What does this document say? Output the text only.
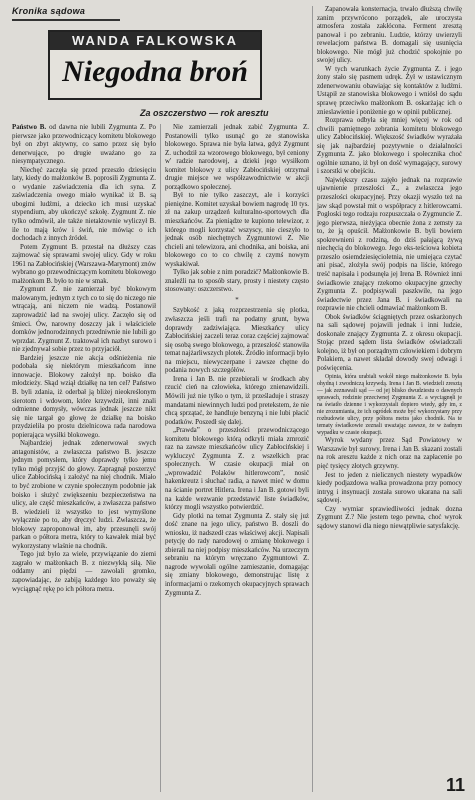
Kronika sądowa
WANDA FALKOWSKA
Niegodna broń
Za oszczerstwo — rok aresztu

Państwo B. od dawna nie lubili Zygmunta Z. Po pierwsze jako przewodniczący komitetu blokowego był on zbyt aktywny, co samo przez się było denerwujące, po drugie uważano go za niesympatycznego.

Niechęć zaczęła się przed przeszło dziesięciu laty, kiedy do małżonków B. poprosili Zygmunta Z. o wydanie zaświadczenia dla ich syna. Z zaświadczenia owego miało wynikać iż B. są ubogimi ludźmi, a dziecko ich musi uzyskać stypendium, aby ukończyć szkołę. Zygmunt Z. nie tylko odmówił, ale także nietaktownie wyliczył B. ile to mają krów i świń, nie mówiąc o ich dochodach z innych źródeł.

Potem Zygmunt B. przestał na dłuższy czas zajmować się sprawami swojej ulicy. Gdy w roku 1961 na Zabłocińskiej (Warszawa-Marymont) znów wybrano go przewodniczącym komitetu blokowego małżonkom B. było to nie w smak.

Zygmunt Z. nie zamierzał być blokowym malowanym, jednym z tych co to się do niczego nie wtrącają, ani niczem nie wadzą. Postanowił zaprowadzić ład na swojej ulicy. Zaczęło się od śmieci. Ów, narowny doszczy jak i właściciele domków jednorodzinnych przedniwnie nie lubili go wprzdat. Zygmunt Z. traktował ich nazbyt surowo i nie zjednywał sobie przez to przyjaciół.

Bardziej jeszcze nie akcja odśnieżenia nie podobała się niektórym mieszkańcom inne innowacje. Blokowy założył np. boisko dla młodzieży. Skąd wziął działkę na ten cel? Państwo B. byli zdania, iż oderbał ją bliżej nieokreślonym sierotom i wdowom, które krzywdził, inni znali odmienne domysły, wówczas jednak jeszcze nikt się nie targał go głowę że działkę na boisko przydzieliła po prostu dzielnicowa rada narodowa popierająca wysiłki blokowego.

Najbardziej jednak zdenerwował swych antagonistów, a zwłaszcza państwo B. jeszcze jednym pomysłem, który doprawdy tylko jemu tylko mógł przyjść do głowy. Zapragnął poszerzyć ulice Zabłocińską i założyć na niej chodnik. Miało to być zrobione w czynie społecznym podobnie jak boisko i służyć zwiększeniu bezpieczeństwa na ulicy, ale część mieszkańców, a zwłaszcza państwo B. wiedzieli iż wszystko to jest wymyślone wyłącznie po to, aby dręczyć ludzi. Zwłaszcza, że blokowy zaproponował im, aby przesunęli swój parkan o półtora metra, który to kawałek miał być wykorzystany wlaśnie na chodnik.

Tego już było za wiele, przywiązanie do ziemi zagrało w małżonkach B. z niezwykłą siłą. Nie oddamy ani piędzi — zawołali gromko, zapowiadając, że zabiją każdego kto poważy się wyciągnąć rękę po ich półtora metra.

Nie zamierzali jednak zabić Zygmunta Z. Postanowili tylko usunąć go ze stanowiska blokowego. Sprawa nie była łatwa, gdyż Zygmunt Z. uchodził za wzorowego blokowego, był ceniony w' radzie narodowej, a dzieki jego wysiłkom komitet blokowy z ulicy Zabłocińskiej otrzymał drugie miejsce we współzawodnictwie w akcji porządkowo społecznej.

Był to nie tylko zaszczyt, ale i korzyści pieniężne. Komitet uzyskał bowiem nagrodę 10 tys. zł na zakup urządzeń kulturalno-sportowych dla mieszkańców. Za pieniądze te kupiono telewizor, z którego mogli korzystać wszyscy, nie cieszyło to jednak osób niechętnych Zygmuntowi Z. Nie chcieli ani telewizora, ani chodnika, ani boiska, ani blokowego co to co chwilę z czymś nowym wyskakiwał.

Tylko jak sobie z nim poradzić? Małżonkowie B. znaleźli na to sposób stary, prosty i niestety często stosowany: oszczerstwo.

*

Szybkość z jaką rozprzestrzenia się plotka, zwłaszcza jeśli trafi na podatny grunt, bywa doprawdy zadziwiająca. Mieszkańcy ulicy Zabłocińskiej zaczeli teraz coraz częściej zajmować się osobą swego blokowego, a przeszłość stanowiła temat najżarliwszych plotek. Źródło informacji było na miejscu, niewyczerpane i zawsze chętne do podania nowych szczegółów.

Irena i Jan B. nie przebierali w środkach aby rzucić cień na człowieka, którego znienawidzili. Mówili już nie tylko o tym, iż prześladuje i straszy mandatami niewinnych ludzi pod pretekstem, że nie chcą sprzątać, że handluje benzyną i nie lubi płacić podatków. Poszedł się dalej.

„Prawda” o przeszłości przewodniczącego komitetu blokowego którą odkryli miała zmrozić raz na zawsze mieszkańców ulicy Zabłocińskiej i wykluczyć Zygmunta Z. z wszelkich prac społecznych. W czasie okupacji miał on „wprowadzić Polaków hitlerowcom”, nosić hakenkreutz i słuchać radia, a nawet mieć w domu na ścianie portret Hitlera. Irena i Jan B. gotowi byli na każde wezwanie przedstawić liste świadków, którzy mogli wszystko potwierdzić.

Gdy plotki na temat Zygmunta Z. stały się już dość znane na jego ulicy, państwo B. doszli do wniosku, iż nadszedł czas właściwej akcji. Napisali petycję do rady narodowej o zmianę blokowego i zbierali na niej podpisy mieszkańców. Na urzeczym sebraniu na którym wręczano Zygmuntowi Z. nagrode wywołali ogólne zamieszanie, domagając się zmiany blokowego, demonstrując listę z informacjami o rzekomych okupacyjnych sprawach Zygmunta Z.

Zapanowała konsternacja, trwało dłuższą chwilę zanim przywrócono porządek, ale uroczysta atmosfera została zakłócona. Ferment zresztą panował i po zebraniu. Ludzie, którzy uwierzyli rewelacjom państwa B. domagali się usunięcia blokowego. Nie mógł już chodzić spokojnie po swojej ulicy.

W tych warunkach życie Zygmunta Z. i jego żony stało się pasmem udręk. Żył w ustawicznym zdenerwowaniu obawiając się kontaktów z ludźmi. Ustąpił ze stanowiska blokowego i wniósł do sądu sprawę przeciwko małżonkom B. oskarżając ich o znieslawienie i poniżenie go w opinii publicznej.

Rozprawa odbyła się mniej więcej w rok od chwili pamiętnego zebrania komitetu blokowego ulicy Zabłocińskiej. Większość świadków wyrażała się jak najbardziej pozytywnie o działalności Zygmunta Z. jako blokowego i społecznika choć ogólnie uznano, iż był on dość wymagający, surowy i szorstki w obejściu.

Największy czasu zajęło jednak na rozprawie ujawnienie przeszłości Z., a zwłaszcza jego przeszłości okupacyjnej. Przy okazji wyszło też na jaw skąd powstał mit o współpracy z hitlerowcami. Pogłoski tego rodzaju rozpuszczała o Zygmuncie Z. jego pierwsza, nieżyjąca obecnie żona z zemsty za to, że ją opuścił. Małżonkowie B. byli bowiem spokrewnieni z rodziną, do dziś pałającą żywą niechęcią do blokowego. Jego eks-teściowa kobieta przeszło osiemdziesięcioletnia, nie umiejąca czytać ani pisać, złożyła swój podpis na liście, którego treść napisała i podsunęła jej Irena B. Również inni świadkowie znający rzekomo okupacyjne grzechy Zygmunta Z. podpisywali paszkwile, na jego świadectwie przez Jana B. i świadkowali na rozprawie nie chcieli odmawiać małżonkom B.

Obok świadków ściągniętych przez oskarżonych na sali sądowej pojawili jednak i inni ludzie, doskonale znający Zygmunta Z. z okresu okupacji. Stojąc przed sądem lista świadków oświadczali kolejno, iż był on porządnym człowiekiem i dobrym Polakiem, a nawet składał dowody swej odwagi i poświęcenia.

Opinia, która urabiali wokół niego małżonkowie B. była ohydną i zwodniczą krzywdą. Irena i Jan B. wiedzieli zresztą — jak zeznawali sąd — od jej blisko dwudziestu o dawnych sprawach, rodzinie przeciwnej Zygmunta Z. a wyciągnęli je na światło dzienne i wykorzystali dopiero wtedy, gdy im, z nie zrozumiania, że ich ogródek może być wykorzystany przy rozbudowie ulicy, przy półtora metra jako chodnik. Na te tematy świadkowie zeznali uważając zawsze, że w żadnym wypadku w czasie okupacji.

Wyrok wydany przez Sąd Powiatowy w Warszawie był surowy. Irena i Jan B. skazani zostali na rok aresztu każde z nich oraz na zapłacenie po pięć tysięcy złotych grzywny.

Jest to jeden z nielicznych niestety wypadków kiedy podjazdowa walka prowadzona przy pomocy intryg i insynuacji została surowo ukarana na sali sądowej.

Czy wymiar sprawiedliwości jednak dozna Zygmunt Z.? Nie jestem tego pewna, choć wyrok sądowy stanowi dla niego niewątpliwie satysfakcję.

11
